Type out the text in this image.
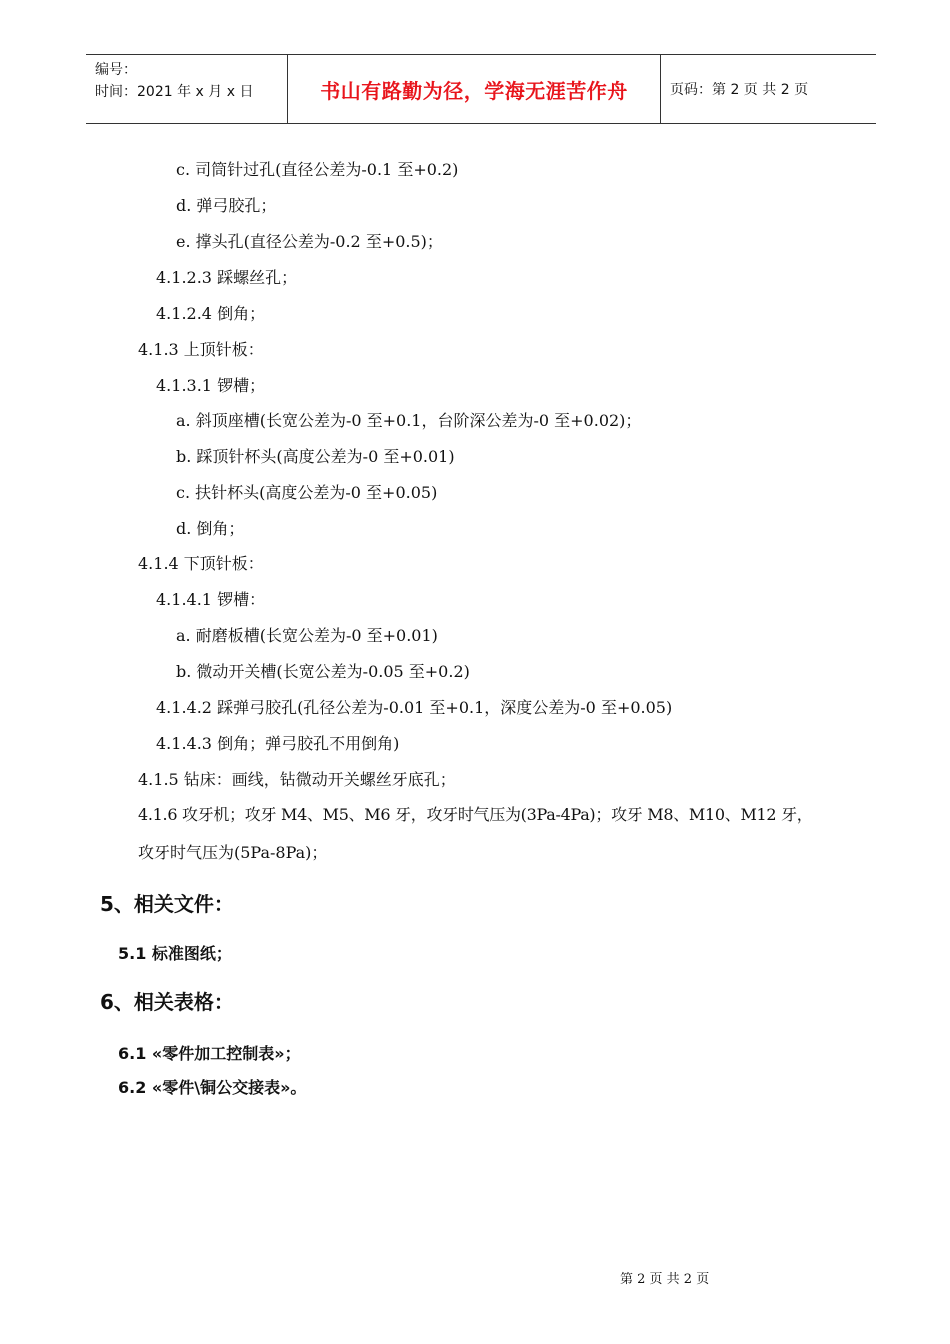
编号：
时间：2021 年 x 月 x 日	书山有路勤为径，学海无涯苦作舟	页码：第 2 页 共 2 页
c. 司筒针过孔(直径公差为-0.1 至+0.2)
d. 弹弓胶孔；
e. 撑头孔(直径公差为-0.2 至+0.5)；
4.1.2.3 踩螺丝孔；
4.1.2.4 倒角；
4.1.3 上顶针板：
4.1.3.1 锣槽；
a. 斜顶座槽(长宽公差为-0 至+0.1，台阶深公差为-0 至+0.02)；
b. 踩顶针杯头(高度公差为-0 至+0.01)
c. 扶针杯头(高度公差为-0 至+0.05)
d. 倒角；
4.1.4 下顶针板：
4.1.4.1 锣槽：
a. 耐磨板槽(长宽公差为-0 至+0.01)
b. 微动开关槽(长宽公差为-0.05 至+0.2)
4.1.4.2 踩弹弓胶孔(孔径公差为-0.01 至+0.1，深度公差为-0 至+0.05)
4.1.4.3 倒角；弹弓胶孔不用倒角)
4.1.5 钻床：画线，钻微动开关螺丝牙底孔；
4.1.6 攻牙机；攻牙 M4、M5、M6 牙，攻牙时气压为(3Pa-4Pa)；攻牙 M8、M10、M12 牙，
攻牙时气压为(5Pa-8Pa)；
5、相关文件：
5.1 标准图纸；
6、相关表格：
6.1 «零件加工控制表»；
6.2 «零件\铜公交接表»。
第 2 页 共 2 页
